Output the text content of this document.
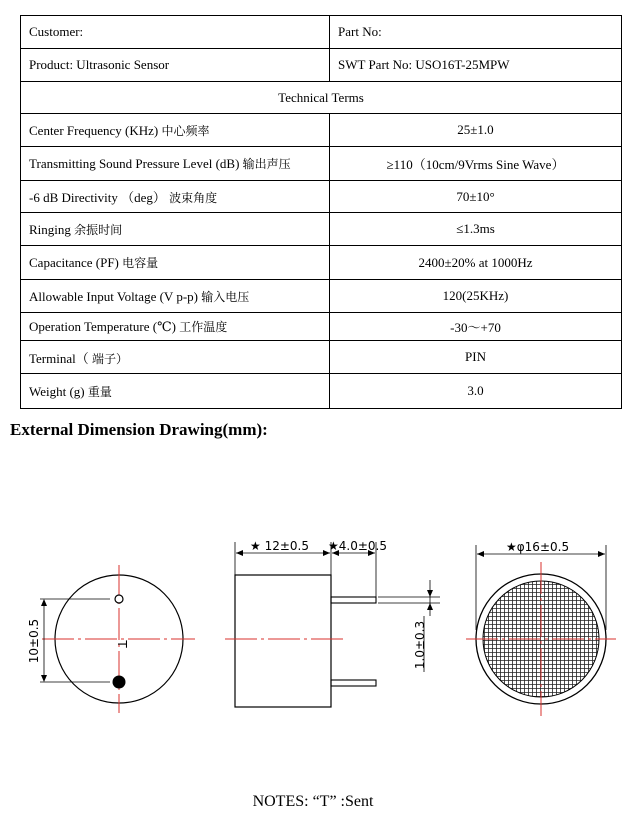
Customer:	Part No:
Product: Ultrasonic Sensor	SWT Part No: USO16T-25MPW
Technical Terms	
Center Frequency (KHz) 中心频率	25±1.0
Transmitting Sound Pressure Level (dB) 输出声压	≥110（10cm/9Vrms Sine Wave）
-6 dB Directivity （deg） 波束角度	70±10°
Ringing 余振时间	≤1.3ms
Capacitance (PF) 电容量	2400±20% at 1000Hz
Allowable Input Voltage (V p-p) 输入电压	120(25KHz)
Operation Temperature (℃) 工作温度	-30～+70
Terminal（ 端子）	PIN
Weight (g) 重量	3.0
External Dimension Drawing(mm):
T
10±0.5
★ 12±0.5 ★4.0±0.5
1.0±0.3
★φ16±0.5
NOTES: “T” :Sent
